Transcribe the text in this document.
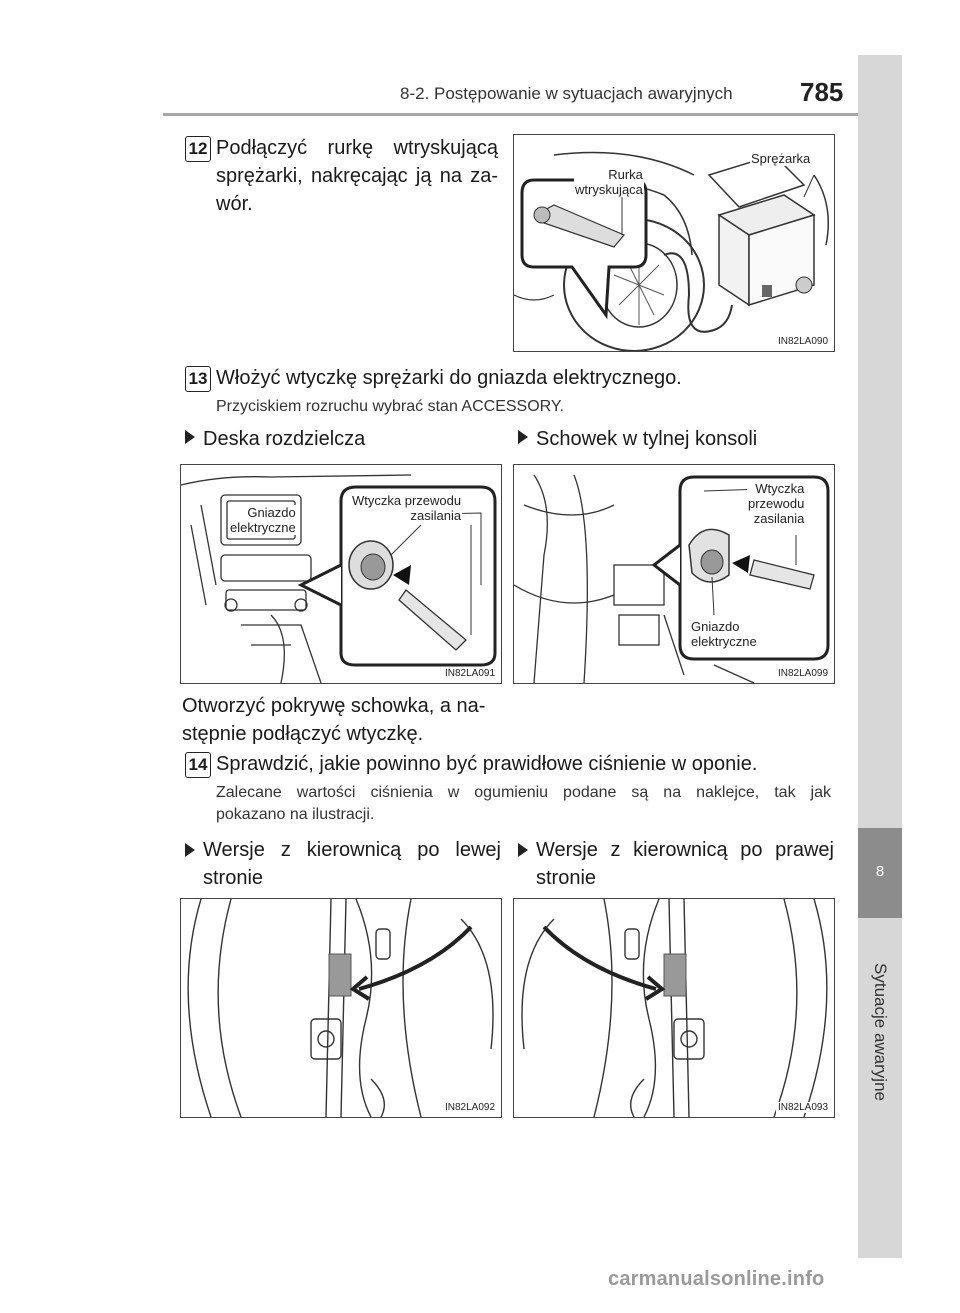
8-2. Postępowanie w sytuacjach awaryjnych	785
8
Sytuacje awaryjne
12 Podłączyć rurkę wtryskującą
sprężarki, nakręcając ją na za-
wór.
Rurka
wtryskująca
Sprężarka
IN82LA090
13 Włożyć wtyczkę sprężarki do gniazda elektrycznego.
Przyciskiem rozruchu wybrać stan ACCESSORY.
Deska rozdzielcza	Schowek w tylnej konsoli
Gniazdo
elektryczne
Wtyczka przewodu
zasilania
IN82LA091
Wtyczka
przewodu
zasilania
Gniazdo
elektryczne
IN82LA099
Otworzyć pokrywę schowka, a na-
stępnie podłączyć wtyczkę.
14 Sprawdzić, jakie powinno być prawidłowe ciśnienie w oponie.
Zalecane wartości ciśnienia w ogumieniu podane są na naklejce, tak jak
pokazano na ilustracji.
Wersje z kierownicą po lewej
stronie
Wersje z kierownicą po prawej
stronie
IN82LA092	IN82LA093
carmanualsonline.info
